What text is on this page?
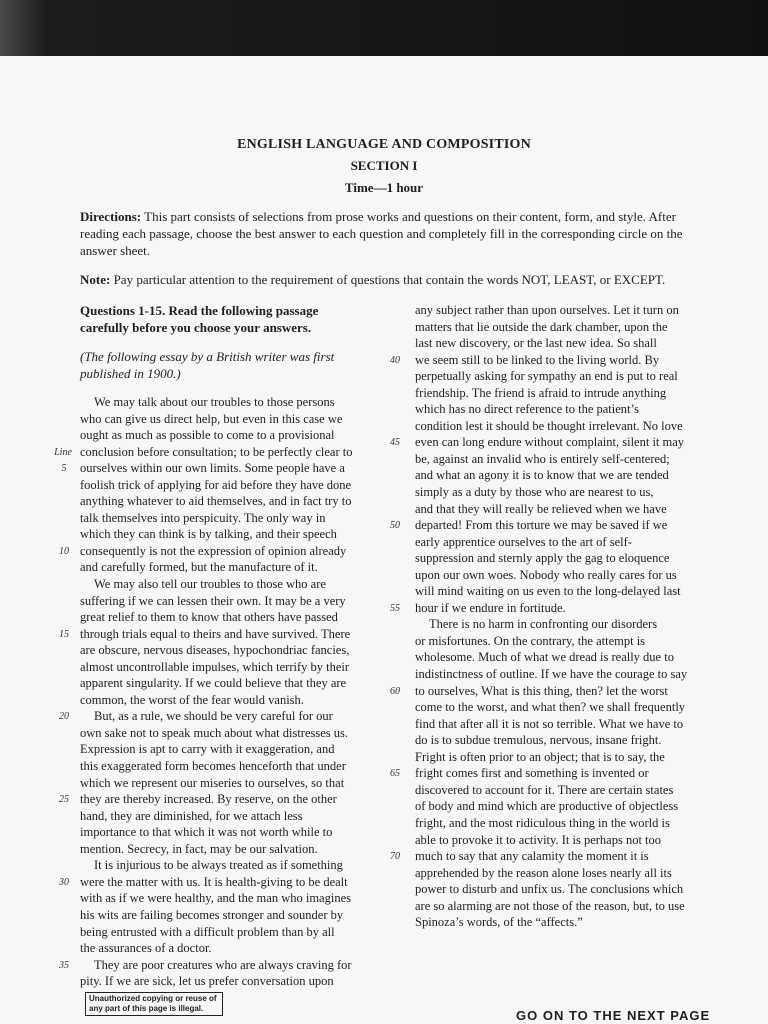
ENGLISH LANGUAGE AND COMPOSITION
SECTION I
Time—1 hour
Directions: This part consists of selections from prose works and questions on their content, form, and style. After reading each passage, choose the best answer to each question and completely fill in the corresponding circle on the answer sheet.
Note: Pay particular attention to the requirement of questions that contain the words NOT, LEAST, or EXCEPT.
Questions 1-15. Read the following passage
carefully before you choose your answers.
(The following essay by a British writer was first
published in 1900.)
We may talk about our troubles to those persons
who can give us direct help, but even in this case we
ought as much as possible to come to a provisional
Line conclusion before consultation; to be perfectly clear to
5	ourselves within our own limits. Some people have a
foolish trick of applying for aid before they have done
anything whatever to aid themselves, and in fact try to
talk themselves into perspicuity. The only way in
which they can think is by talking, and their speech
10 consequently is not the expression of opinion already
and carefully formed, but the manufacture of it.
We may also tell our troubles to those who are
suffering if we can lessen their own. It may be a very
great relief to them to know that others have passed
15 through trials equal to theirs and have survived. There
are obscure, nervous diseases, hypochondriac fancies,
almost uncontrollable impulses, which terrify by their
apparent singularity. If we could believe that they are
common, the worst of the fear would vanish.
20	But, as a rule, we should be very careful for our
own sake not to speak much about what distresses us.
Expression is apt to carry with it exaggeration, and
this exaggerated form becomes henceforth that under
which we represent our miseries to ourselves, so that
25 they are thereby increased. By reserve, on the other
hand, they are diminished, for we attach less
importance to that which it was not worth while to
mention. Secrecy, in fact, may be our salvation.
It is injurious to be always treated as if something
30 were the matter with us. It is health-giving to be dealt
with as if we were healthy, and the man who imagines
his wits are failing becomes stronger and sounder by
being entrusted with a difficult problem than by all
the assurances of a doctor.
35	They are poor creatures who are always craving for
pity. If we are sick, let us prefer conversation upon
any subject rather than upon ourselves. Let it turn on
matters that lie outside the dark chamber, upon the
last new discovery, or the last new idea. So shall
40	we seem still to be linked to the living world. By
perpetually asking for sympathy an end is put to real
friendship. The friend is afraid to intrude anything
which has no direct reference to the patient’s
condition lest it should be thought irrelevant. No love
45	even can long endure without complaint, silent it may
be, against an invalid who is entirely self-centered;
and what an agony it is to know that we are tended
simply as a duty by those who are nearest to us,
and that they will really be relieved when we have
50	departed! From this torture we may be saved if we
early apprentice ourselves to the art of self-
suppression and sternly apply the gag to eloquence
upon our own woes. Nobody who really cares for us
will mind waiting on us even to the long-delayed last
55	hour if we endure in fortitude.
There is no harm in confronting our disorders
or misfortunes. On the contrary, the attempt is
wholesome. Much of what we dread is really due to
indistinctness of outline. If we have the courage to say
60	to ourselves, What is this thing, then? let the worst
come to the worst, and what then? we shall frequently
find that after all it is not so terrible. What we have to
do is to subdue tremulous, nervous, insane fright.
Fright is often prior to an object; that is to say, the
65	fright comes first and something is invented or
discovered to account for it. There are certain states
of body and mind which are productive of objectless
fright, and the most ridiculous thing in the world is
able to provoke it to activity. It is perhaps not too
70	much to say that any calamity the moment it is
apprehended by the reason alone loses nearly all its
power to disturb and unfix us. The conclusions which
are so alarming are not those of the reason, but, to use
Spinoza’s words, of the “affects.”
Unauthorized copying or reuse of
any part of this page is illegal.	GO ON TO THE NEXT PAGE
